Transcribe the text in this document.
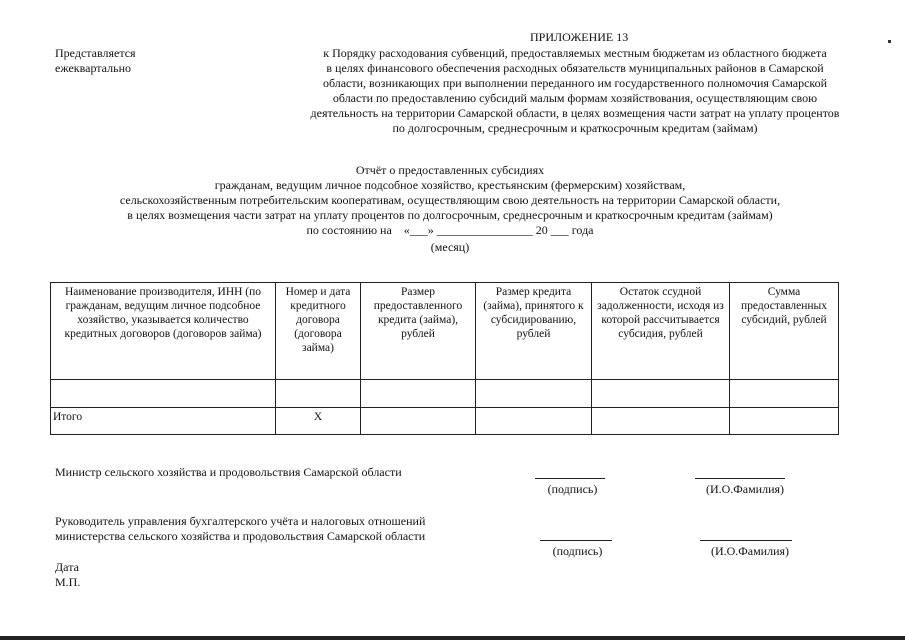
ПРИЛОЖЕНИЕ 13
Представляется
ежеквартально
к Порядку расходования субвенций, предоставляемых местным бюджетам из областного бюджета
в целях финансового обеспечения расходных обязательств муниципальных районов в Самарской
области, возникающих при выполнении переданного им государственного полномочия Самарской
области по предоставлению субсидий малым формам хозяйствования, осуществляющим свою
деятельность на территории Самарской области, в целях возмещения части затрат на уплату процентов
по долгосрочным, среднесрочным и краткосрочным кредитам (займам)
Отчёт о предоставленных субсидиях
гражданам, ведущим личное подсобное хозяйство, крестьянским (фермерским) хозяйствам,
сельскохозяйственным потребительским кооперативам, осуществляющим свою деятельность на территории Самарской области,
в целях возмещения части затрат на уплату процентов по долгосрочным, среднесрочным и краткосрочным кредитам (займам)
по состоянию на    «___» ________________ 20 ___ года
(месяц)
Наименование производителя, ИНН (по гражданам, ведущим личное подсобное хозяйство, указывается количество кредитных договоров (договоров займа)	Номер и дата кредитного договора (договора займа)	Размер предоставленного кредита (займа), рублей	Размер кредита (займа), принятого к субсидированию, рублей	Остаток ссудной задолженности, исходя из которой рассчитывается субсидия, рублей	Сумма предоставленных субсидий, рублей

Итого	Х				
Министр сельского хозяйства и продовольствия Самарской области
(подпись)	(И.О.Фамилия)
Руководитель управления бухгалтерского учёта и налоговых отношений
министерства сельского хозяйства и продовольствия Самарской области
(подпись)	(И.О.Фамилия)
Дата
М.П.
